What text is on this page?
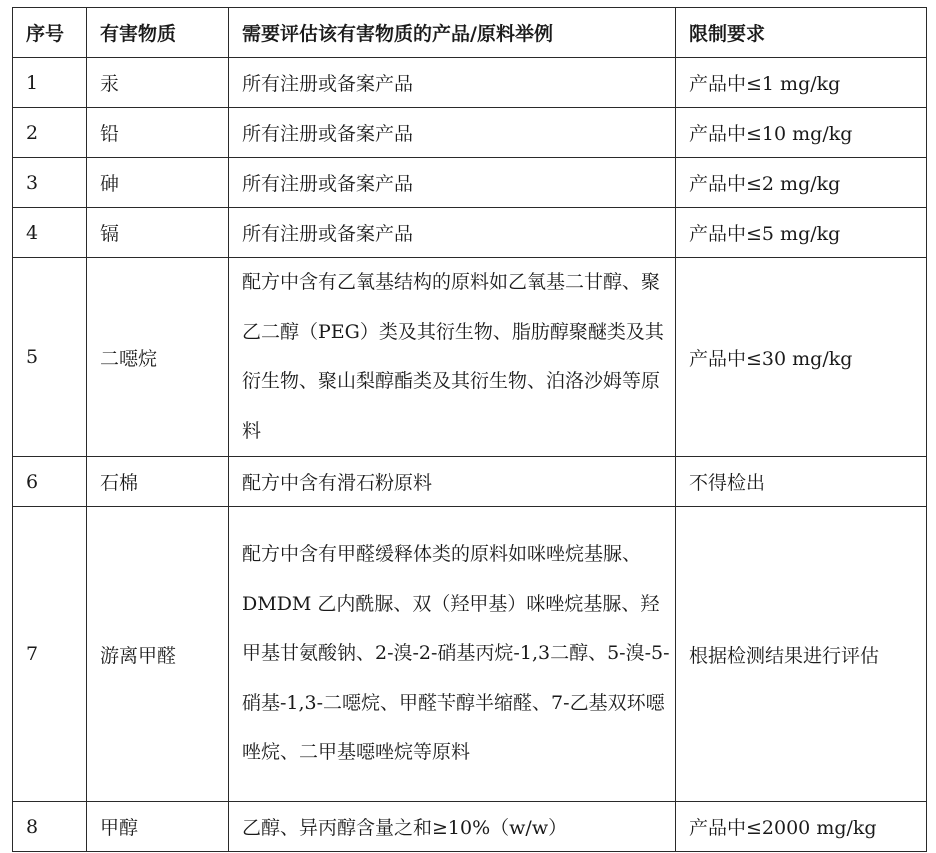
序号	有害物质	需要评估该有害物质的产品/原料举例	限制要求
1	汞	所有注册或备案产品	产品中≤1 mg/kg
2	铅	所有注册或备案产品	产品中≤10 mg/kg
3	砷	所有注册或备案产品	产品中≤2 mg/kg
4	镉	所有注册或备案产品	产品中≤5 mg/kg
5	二噁烷	配方中含有乙氧基结构的原料如乙氧基二甘醇、聚乙二醇（PEG）类及其衍生物、脂肪醇聚醚类及其衍生物、聚山梨醇酯类及其衍生物、泊洛沙姆等原料	产品中≤30 mg/kg
6	石棉	配方中含有滑石粉原料	不得检出
7	游离甲醛	配方中含有甲醛缓释体类的原料如咪唑烷基脲、DMDM 乙内酰脲、双（羟甲基）咪唑烷基脲、羟甲基甘氨酸钠、2-溴-2-硝基丙烷-1,3二醇、5-溴-5-硝基-1,3-二噁烷、甲醛苄醇半缩醛、7-乙基双环噁唑烷、二甲基噁唑烷等原料	根据检测结果进行评估
8	甲醇	乙醇、异丙醇含量之和≥10%（w/w）	产品中≤2000 mg/kg
